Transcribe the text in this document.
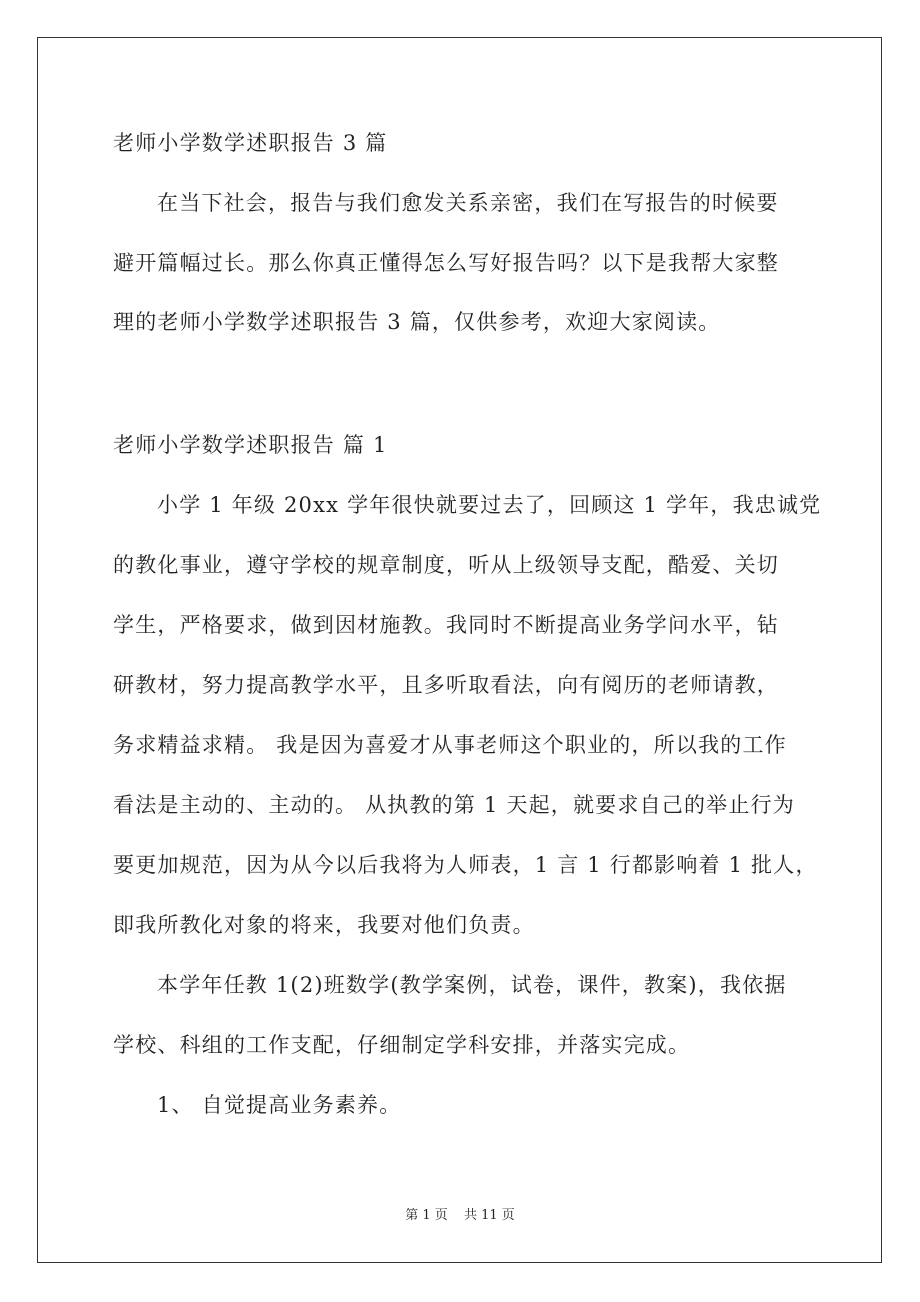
老师小学数学述职报告 3 篇
在当下社会，报告与我们愈发关系亲密，我们在写报告的时候要
避开篇幅过长。那么你真正懂得怎么写好报告吗？以下是我帮大家整
理的老师小学数学述职报告 3 篇，仅供参考，欢迎大家阅读。
老师小学数学述职报告 篇 1
小学 1 年级 20xx 学年很快就要过去了，回顾这 1 学年，我忠诚党
的教化事业，遵守学校的规章制度，听从上级领导支配，酷爱、关切
学生，严格要求，做到因材施教。我同时不断提高业务学问水平，钻
研教材，努力提高教学水平，且多听取看法，向有阅历的老师请教，
务求精益求精。 我是因为喜爱才从事老师这个职业的，所以我的工作
看法是主动的、主动的。 从执教的第 1 天起，就要求自己的举止行为
要更加规范，因为从今以后我将为人师表，1 言 1 行都影响着 1 批人，
即我所教化对象的将来，我要对他们负责。
本学年任教 1(2)班数学(教学案例，试卷，课件，教案)，我依据
学校、科组的工作支配，仔细制定学科安排，并落实完成。
1、 自觉提高业务素养。
第 1 页 共 11 页
